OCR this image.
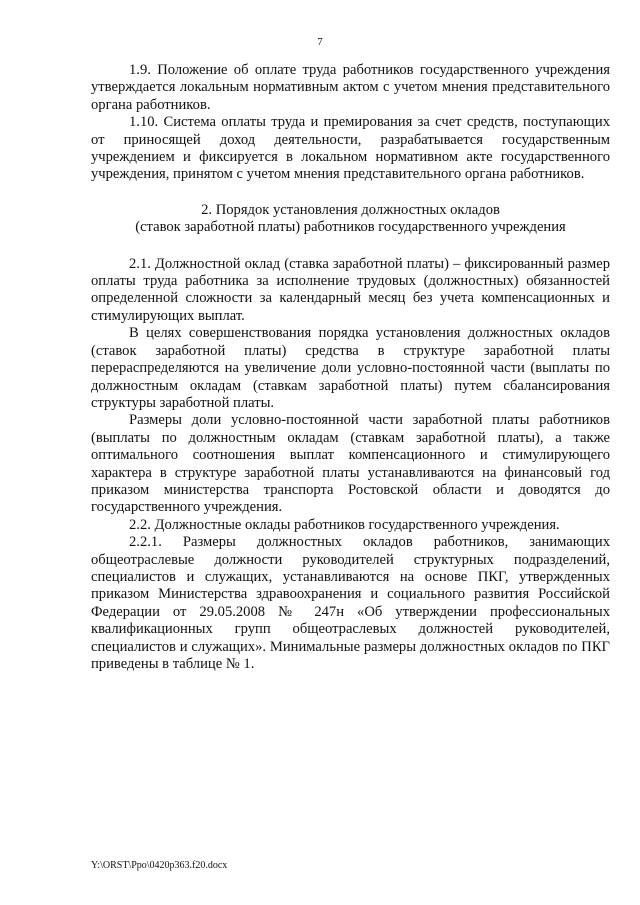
7

1.9. Положение об оплате труда работников государственного учреждения утверждается локальным нормативным актом с учетом мнения представительного органа работников.

1.10. Система оплаты труда и премирования за счет средств, поступающих от приносящей доход деятельности, разрабатывается государственным учреждением и фиксируется в локальном нормативном акте государственного учреждения, принятом с учетом мнения представительного органа работников.

2. Порядок установления должностных окладов

(ставок заработной платы) работников государственного учреждения

2.1. Должностной оклад (ставка заработной платы) – фиксированный размер оплаты труда работника за исполнение трудовых (должностных) обязанностей определенной сложности за календарный месяц без учета компенсационных и стимулирующих выплат.

В целях совершенствования порядка установления должностных окладов (ставок заработной платы) средства в структуре заработной платы перераспределяются на увеличение доли условно-постоянной части (выплаты по должностным окладам (ставкам заработной платы) путем сбалансирования структуры заработной платы.

Размеры доли условно-постоянной части заработной платы работников (выплаты по должностным окладам (ставкам заработной платы), а также оптимального соотношения выплат компенсационного и стимулирующего характера в структуре заработной платы устанавливаются на финансовый год приказом министерства транспорта Ростовской области и доводятся до государственного учреждения.

2.2. Должностные оклады работников государственного учреждения.

2.2.1. Размеры должностных окладов работников, занимающих общеотраслевые должности руководителей структурных подразделений, специалистов и служащих, устанавливаются на основе ПКГ, утвержденных приказом Министерства здравоохранения и социального развития Российской Федерации от 29.05.2008 № 247н «Об утверждении профессиональных квалификационных групп общеотраслевых должностей руководителей, специалистов и служащих». Минимальные размеры должностных окладов по ПКГ приведены в таблице № 1.

Y:\ORST\Ppo\0420p363.f20.docx
